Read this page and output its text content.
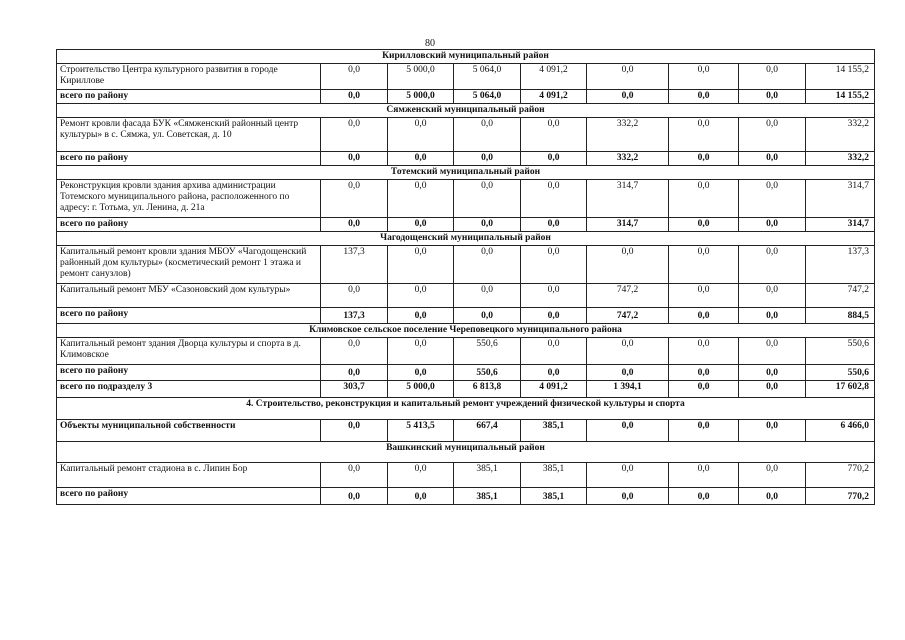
80
Кирилловский муниципальный район								
Строительство Центра культурного развития в городе Кириллове	0,0	5 000,0	5 064,0	4 091,2	0,0	0,0	0,0	14 155,2
всего по району	0,0	5 000,0	5 064,0	4 091,2	0,0	0,0	0,0	14 155,2
Сямженский муниципальный район								
Ремонт кровли фасада БУК «Сямженский районный центр культуры» в с. Сямжа, ул. Советская, д. 10	0,0	0,0	0,0	0,0	332,2	0,0	0,0	332,2
всего по району	0,0	0,0	0,0	0,0	332,2	0,0	0,0	332,2
Тотемский муниципальный район								
Реконструкция кровли здания архива администрации Тотемского муниципального района, расположенного по адресу: г. Тотьма, ул. Ленина, д. 21а	0,0	0,0	0,0	0,0	314,7	0,0	0,0	314,7
всего по району	0,0	0,0	0,0	0,0	314,7	0,0	0,0	314,7
Чагодощенский муниципальный район								
Капитальный ремонт кровли здания МБОУ «Чагодощенский районный дом культуры» (косметический ремонт 1 этажа и ремонт санузлов)	137,3	0,0	0,0	0,0	0,0	0,0	0,0	137,3
Капитальный ремонт МБУ «Сазоновский дом культуры»	0,0	0,0	0,0	0,0	747,2	0,0	0,0	747,2
всего по району	137,3	0,0	0,0	0,0	747,2	0,0	0,0	884,5
Климовское сельское поселение Череповецкого муниципального района								
Капитальный ремонт здания Дворца культуры и спорта в д. Климовское	0,0	0,0	550,6	0,0	0,0	0,0	0,0	550,6
всего по району	0,0	0,0	550,6	0,0	0,0	0,0	0,0	550,6
всего по подразделу 3	303,7	5 000,0	6 813,8	4 091,2	1 394,1	0,0	0,0	17 602,8
4. Строительство, реконструкция и капитальный ремонт учреждений физической культуры и спорта								
Объекты муниципальной собственности	0,0	5 413,5	667,4	385,1	0,0	0,0	0,0	6 466,0
Вашкинский муниципальный район								
Капитальный ремонт стадиона в с. Липин Бор	0,0	0,0	385,1	385,1	0,0	0,0	0,0	770,2
всего по району	0,0	0,0	385,1	385,1	0,0	0,0	0,0	770,2
